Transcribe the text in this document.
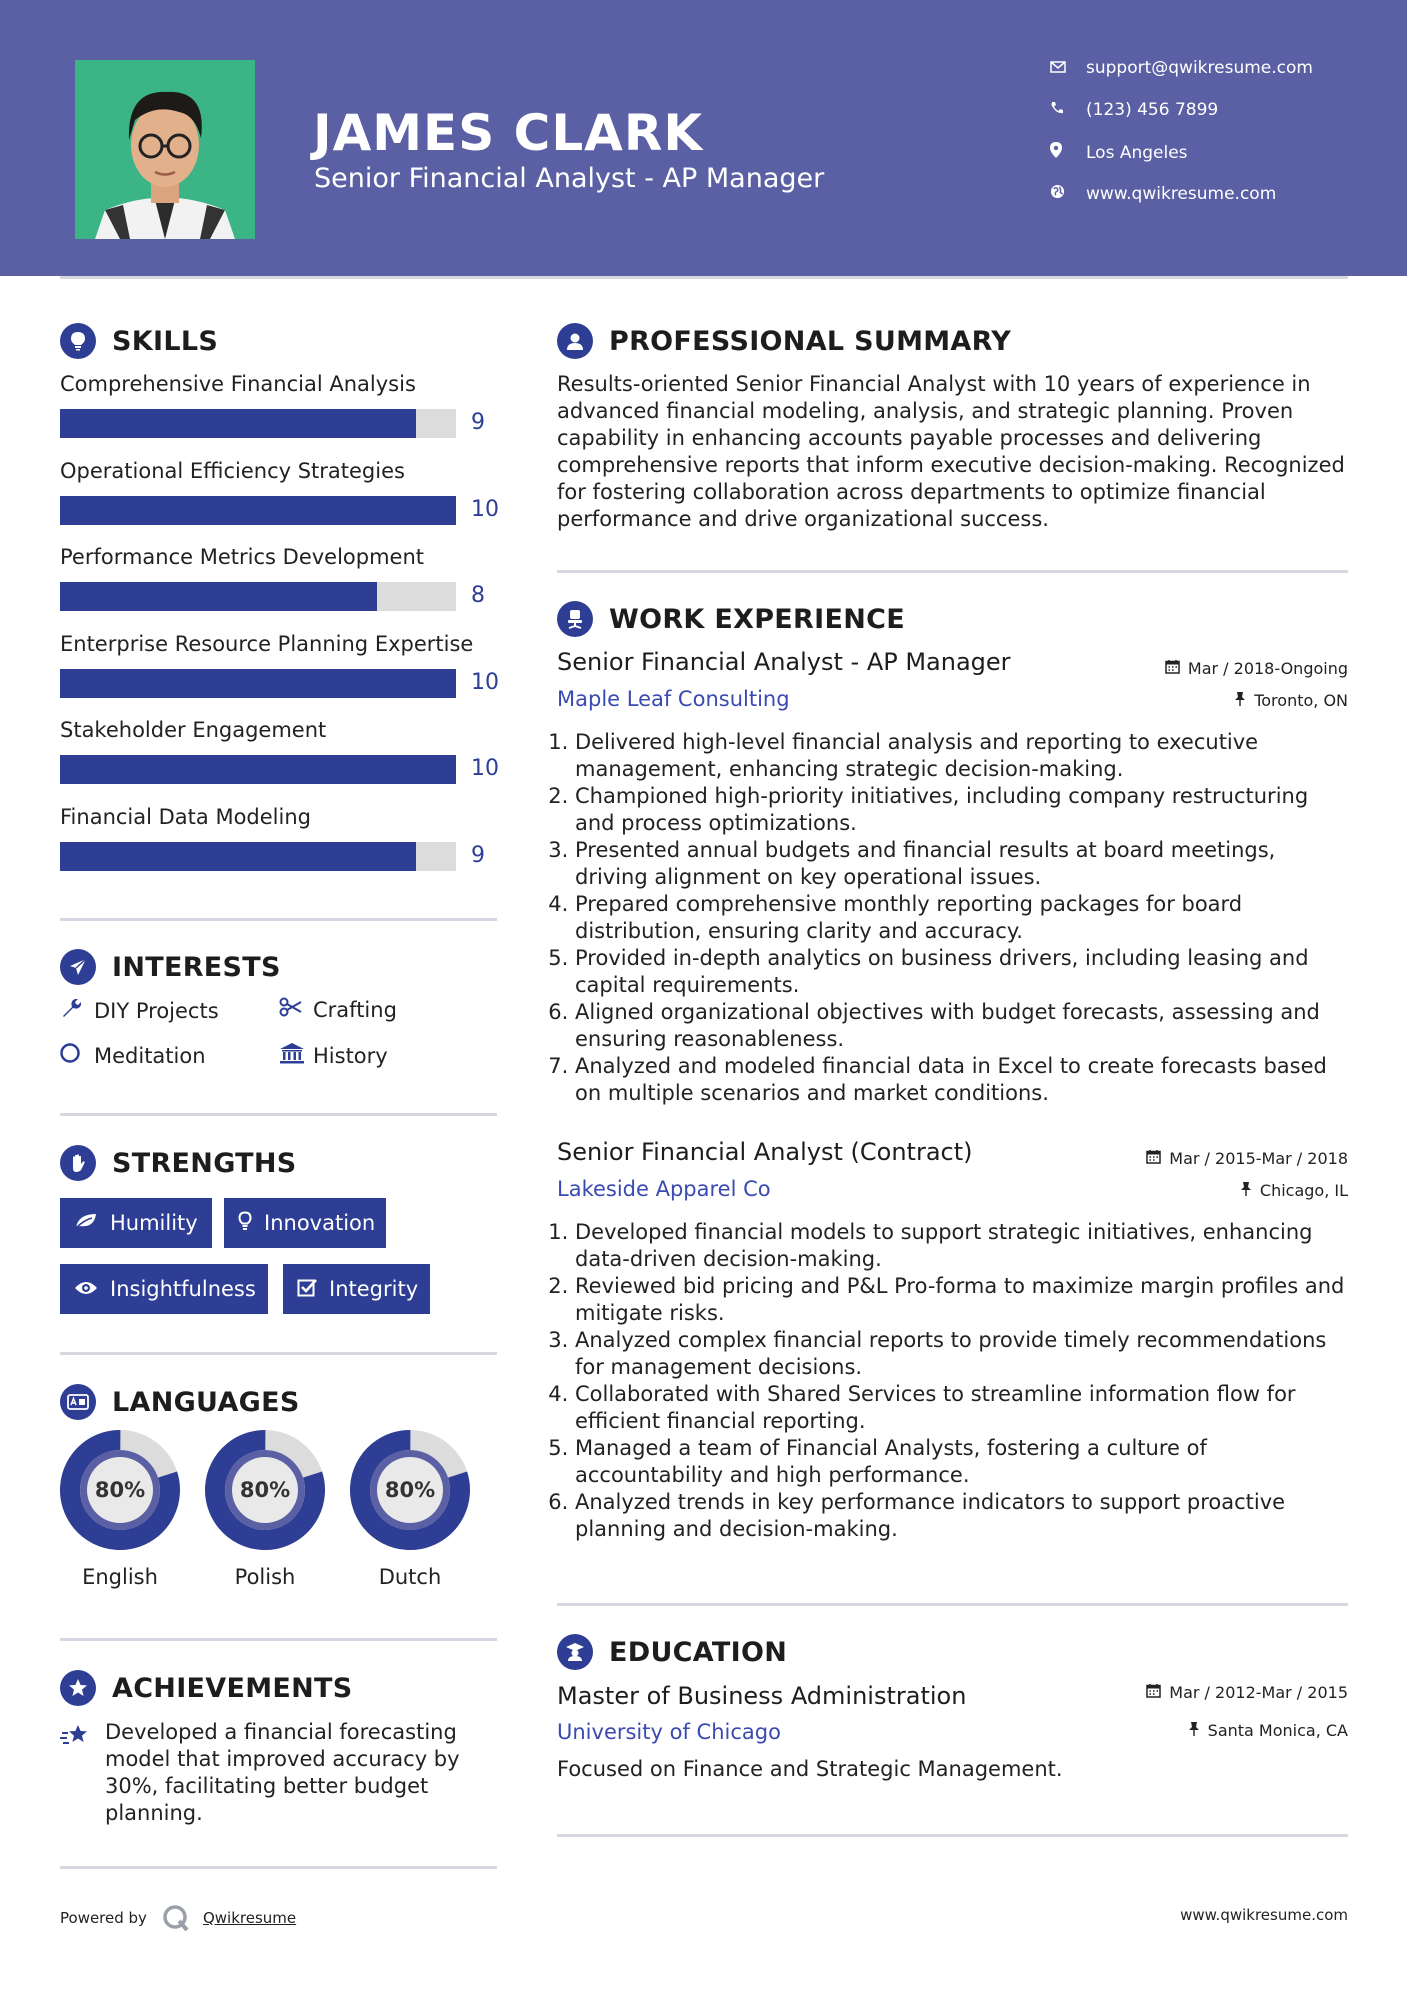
JAMES CLARK
Senior Financial Analyst - AP Manager
support@qwikresume.com
(123) 456 7899
Los Angeles
www.qwikresume.com
SKILLS
Comprehensive Financial Analysis
9
Operational Efficiency Strategies
10
Performance Metrics Development
8
Enterprise Resource Planning Expertise
10
Stakeholder Engagement
10
Financial Data Modeling
9
INTERESTS
DIY Projects	Crafting
Meditation	History
STRENGTHS
Humility	Innovation
Insightfulness	Integrity
LANGUAGES
80%
English
80%
Polish
80%
Dutch
ACHIEVEMENTS
Developed a financial forecasting model that improved accuracy by 30%, facilitating better budget planning.
PROFESSIONAL SUMMARY
Results-oriented Senior Financial Analyst with 10 years of experience in advanced financial modeling, analysis, and strategic planning. Proven capability in enhancing accounts payable processes and delivering comprehensive reports that inform executive decision-making. Recognized for fostering collaboration across departments to optimize financial performance and drive organizational success.
WORK EXPERIENCE
Senior Financial Analyst - AP Manager
Maple Leaf Consulting
Mar / 2018-Ongoing
Toronto, ON
1. Delivered high-level financial analysis and reporting to executive management, enhancing strategic decision-making.
2. Championed high-priority initiatives, including company restructuring and process optimizations.
3. Presented annual budgets and financial results at board meetings, driving alignment on key operational issues.
4. Prepared comprehensive monthly reporting packages for board distribution, ensuring clarity and accuracy.
5. Provided in-depth analytics on business drivers, including leasing and capital requirements.
6. Aligned organizational objectives with budget forecasts, assessing and ensuring reasonableness.
7. Analyzed and modeled financial data in Excel to create forecasts based on multiple scenarios and market conditions.
Senior Financial Analyst (Contract)
Lakeside Apparel Co
Mar / 2015-Mar / 2018
Chicago, IL
1. Developed financial models to support strategic initiatives, enhancing data-driven decision-making.
2. Reviewed bid pricing and P&L Pro-forma to maximize margin profiles and mitigate risks.
3. Analyzed complex financial reports to provide timely recommendations for management decisions.
4. Collaborated with Shared Services to streamline information flow for efficient financial reporting.
5. Managed a team of Financial Analysts, fostering a culture of accountability and high performance.
6. Analyzed trends in key performance indicators to support proactive planning and decision-making.
EDUCATION
Master of Business Administration
University of Chicago
Mar / 2012-Mar / 2015
Santa Monica, CA
Focused on Finance and Strategic Management.
Powered by	Qwikresume	www.qwikresume.com
